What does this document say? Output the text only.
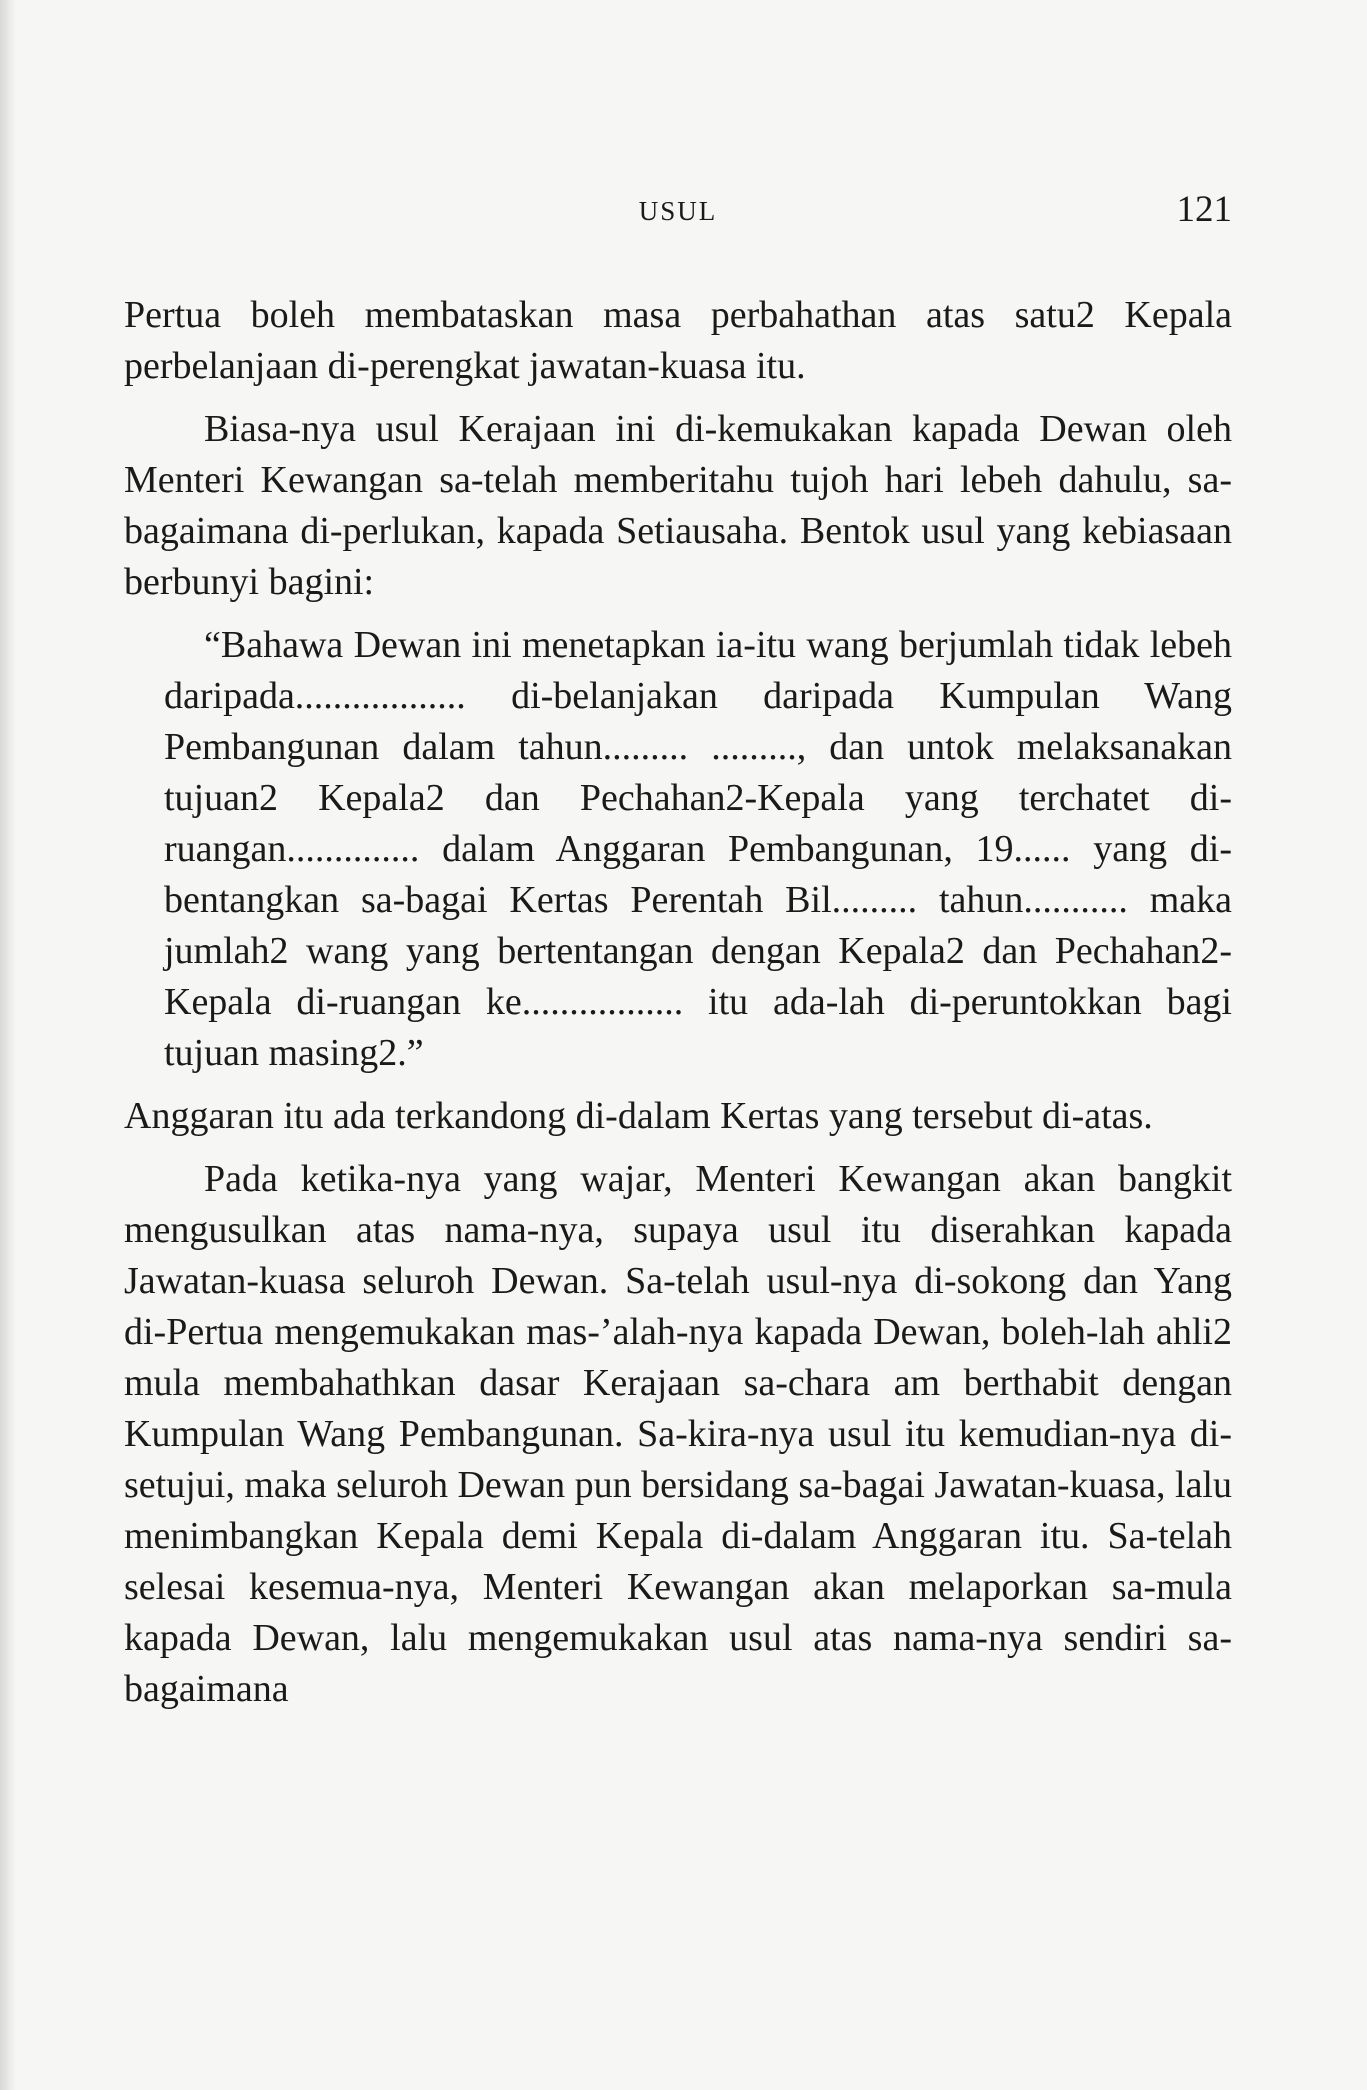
USUL	121

Pertua boleh membataskan masa perbahathan atas satu2 Kepala perbelanjaan di-perengkat jawatan-kuasa itu.

Biasa-nya usul Kerajaan ini di-kemukakan kapada Dewan oleh Menteri Kewangan sa-telah memberitahu tujoh hari lebeh dahulu, sa-bagaimana di-perlukan, kapada Setiausaha. Bentok usul yang kebiasaan berbunyi bagini:

“Bahawa Dewan ini menetapkan ia-itu wang berjumlah tidak lebeh daripada.................. di-belanjakan daripada Kumpulan Wang Pembangunan dalam tahun......... ........., dan untok melaksanakan tujuan2 Kepala2 dan Pechahan2-Kepala yang terchatet di-ruangan.............. dalam Anggaran Pembangunan, 19...... yang di-bentangkan sa-bagai Kertas Perentah Bil......... tahun........... maka jumlah2 wang yang bertentangan dengan Kepala2 dan Pechahan2-Kepala di-ruangan ke................. itu ada-lah di-peruntokkan bagi tujuan masing2.”

Anggaran itu ada terkandong di-dalam Kertas yang tersebut di-atas.

Pada ketika-nya yang wajar, Menteri Kewangan akan bangkit mengusulkan atas nama-nya, supaya usul itu diserahkan kapada Jawatan-kuasa seluroh Dewan. Sa-telah usul-nya di-sokong dan Yang di-Pertua mengemukakan mas-’alah-nya kapada Dewan, boleh-lah ahli2 mula membahathkan dasar Kerajaan sa-chara am berthabit dengan Kumpulan Wang Pembangunan. Sa-kira-nya usul itu kemudian-nya di-setujui, maka seluroh Dewan pun bersidang sa-bagai Jawatan-kuasa, lalu menimbangkan Kepala demi Kepala di-dalam Anggaran itu. Sa-telah selesai kesemua-nya, Menteri Kewangan akan melaporkan sa-mula kapada Dewan, lalu mengemukakan usul atas nama-nya sendiri sa-bagaimana
